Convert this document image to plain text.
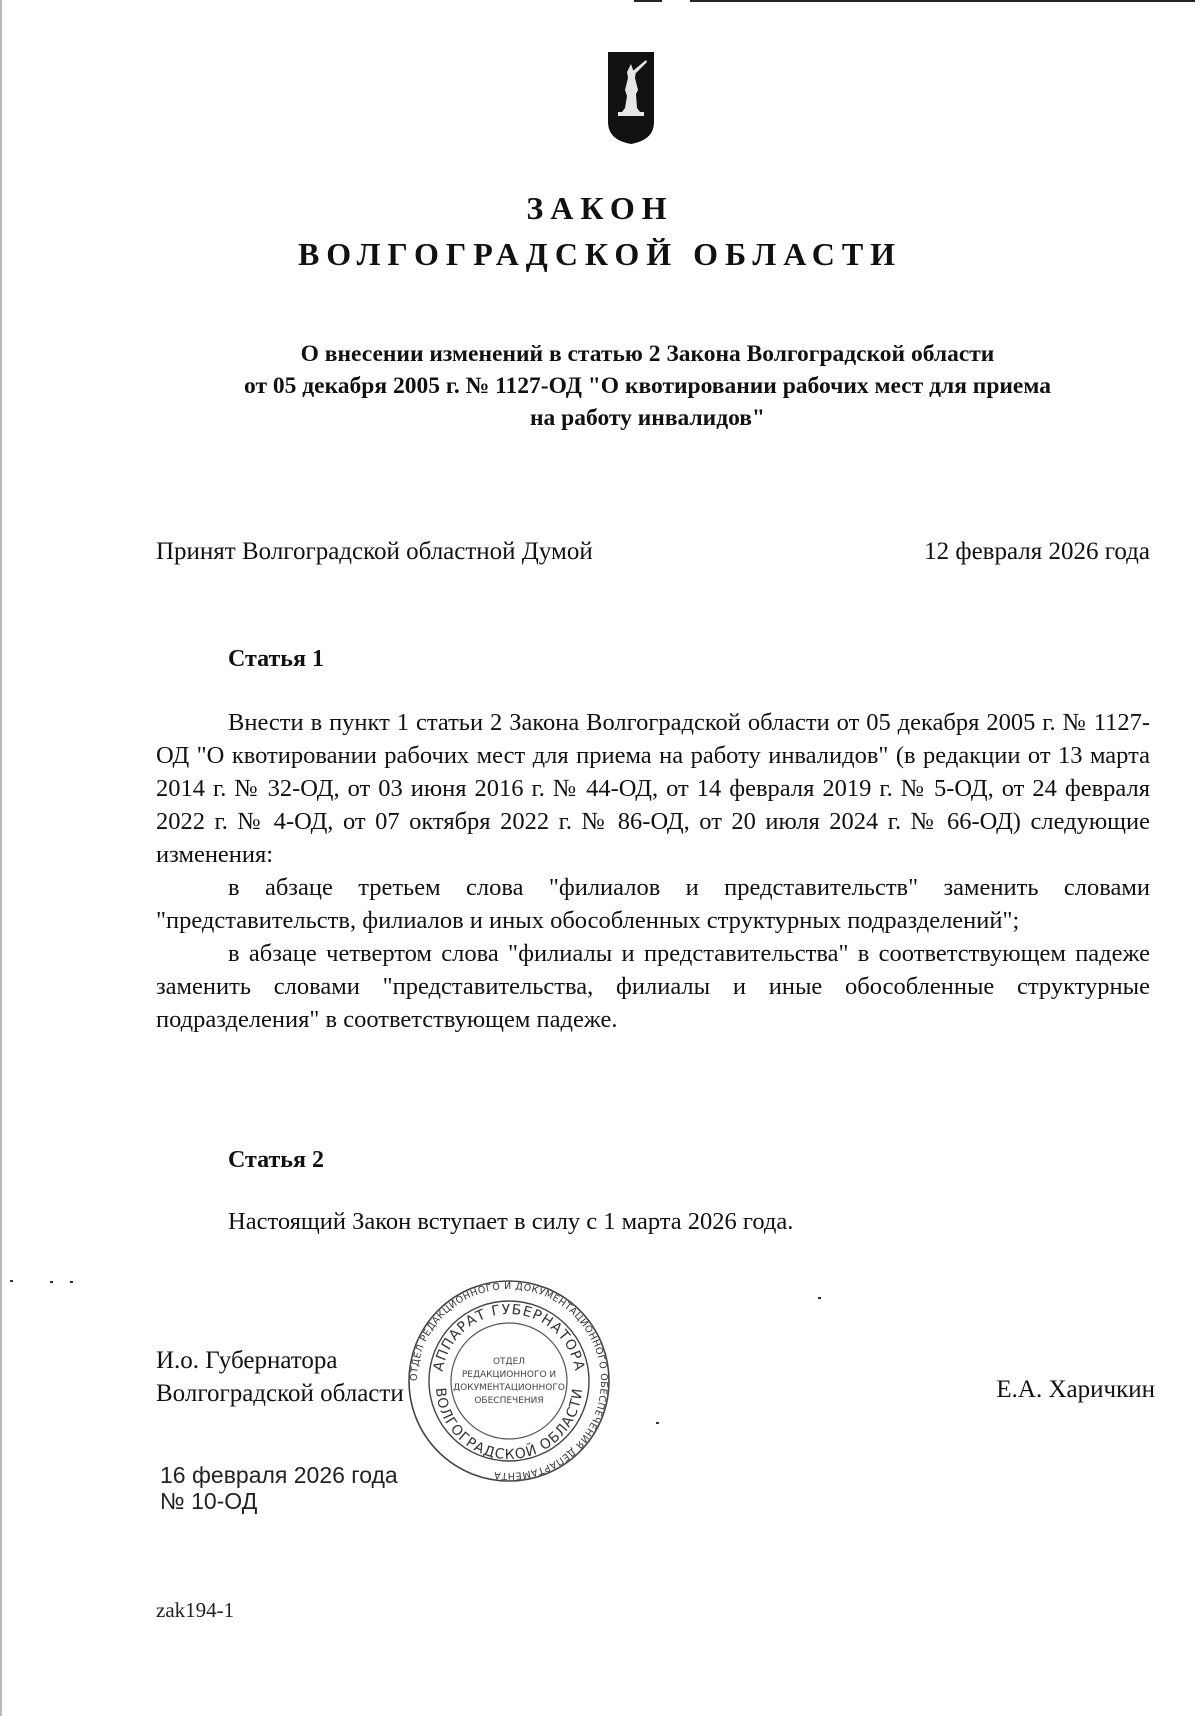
ЗАКОН
ВОЛГОГРАДСКОЙ ОБЛАСТИ
О внесении изменений в статью 2 Закона Волгоградской области
от 05 декабря 2005 г. № 1127-ОД "О квотировании рабочих мест для приема
на работу инвалидов"
Принят Волгоградской областной Думой	12 февраля 2026 года
Статья 1

Внести в пункт 1 статьи 2 Закона Волгоградской области от 05 декабря 2005 г. № 1127-ОД "О квотировании рабочих мест для приема на работу инвалидов" (в редакции от 13 марта 2014 г. № 32-ОД, от 03 июня 2016 г. № 44-ОД, от 14 февраля 2019 г. № 5-ОД, от 24 февраля 2022 г. № 4-ОД, от 07 октября 2022 г. № 86-ОД, от 20 июля 2024 г. № 66-ОД) следующие изменения:

в абзаце третьем слова "филиалов и представительств" заменить словами "представительств, филиалов и иных обособленных структурных подразделений";

в абзаце четвертом слова "филиалы и представительства" в соответствующем падеже заменить словами "представительства, филиалы и иные обособленные структурные подразделения" в соответствующем падеже.

Статья 2
Настоящий Закон вступает в силу с 1 марта 2026 года.
И.о. Губернатора
Волгоградской области	Е.А. Харичкин
ОТДЕЛ РЕДАКЦИОННОГО И ДОКУМЕНТАЦИОННОГО ОБЕСПЕЧЕНИЯ ДЕПАРТАМЕНТА
АППАРАТ ГУБЕРНАТОРА
ВОЛГОГРАДСКОЙ ОБЛАСТИ
ОТДЕЛ
РЕДАКЦИОННОГО И
ДОКУМЕНТАЦИОННОГО
ОБЕСПЕЧЕНИЯ
16 февраля 2026 года
№ 10-ОД
zak194-1
